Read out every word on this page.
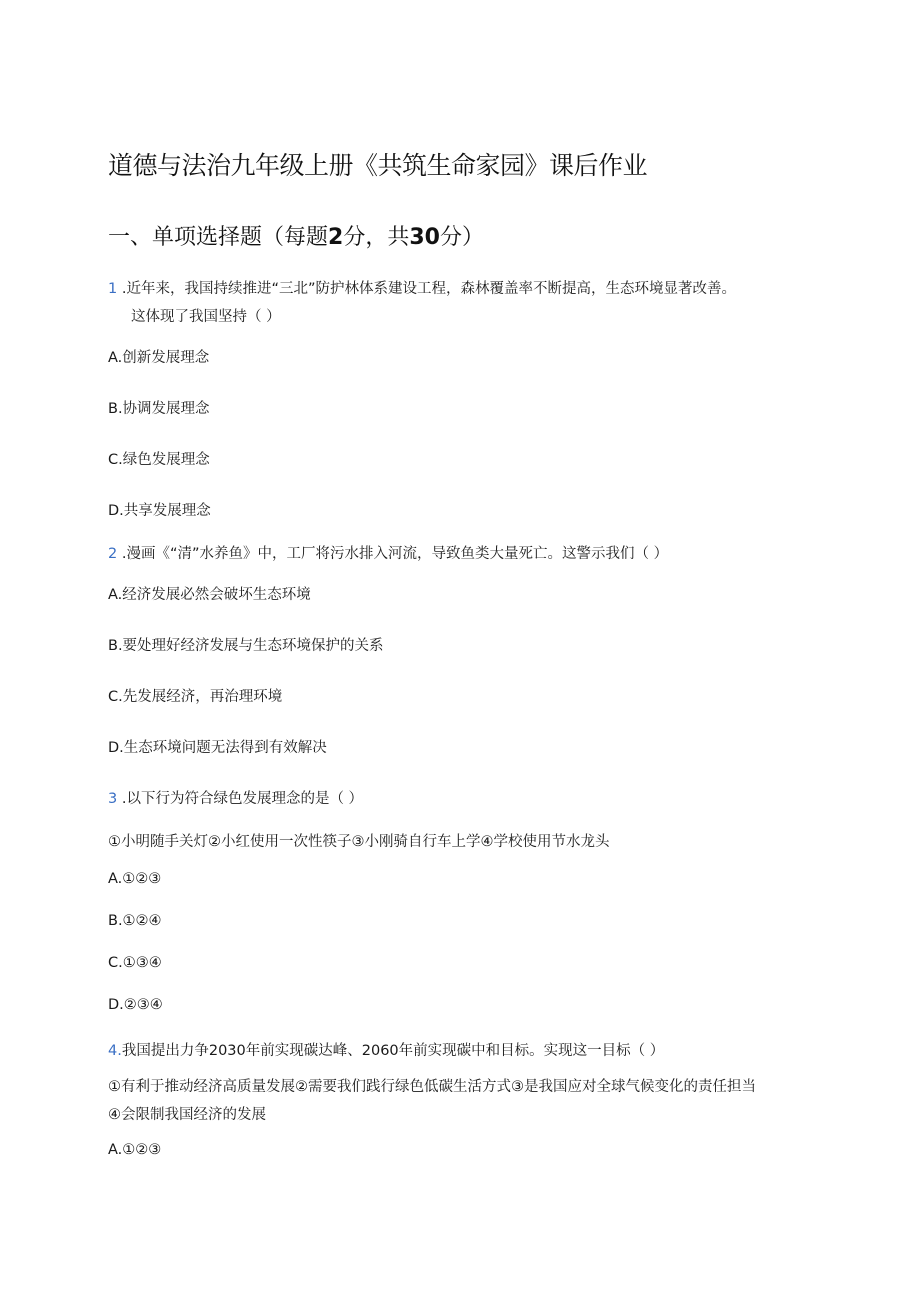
道德与法治九年级上册《共筑生命家园》课后作业
一、单项选择题（每题2分，共30分）
1 .近年来，我国持续推进“三北”防护林体系建设工程，森林覆盖率不断提高，生态环境显著改善。
这体现了我国坚持（ ）
A.创新发展理念
B.协调发展理念
C.绿色发展理念
D.共享发展理念
2 .漫画《“清”水养鱼》中，工厂将污水排入河流，导致鱼类大量死亡。这警示我们（ ）
A.经济发展必然会破坏生态环境
B.要处理好经济发展与生态环境保护的关系
C.先发展经济，再治理环境
D.生态环境问题无法得到有效解决
3 .以下行为符合绿色发展理念的是（ ）
①小明随手关灯②小红使用一次性筷子③小刚骑自行车上学④学校使用节水龙头
A.①②③
B.①②④
C.①③④
D.②③④
4.我国提出力争2030年前实现碳达峰、2060年前实现碳中和目标。实现这一目标（ ）
①有利于推动经济高质量发展②需要我们践行绿色低碳生活方式③是我国应对全球气候变化的责任担当
④会限制我国经济的发展
A.①②③
